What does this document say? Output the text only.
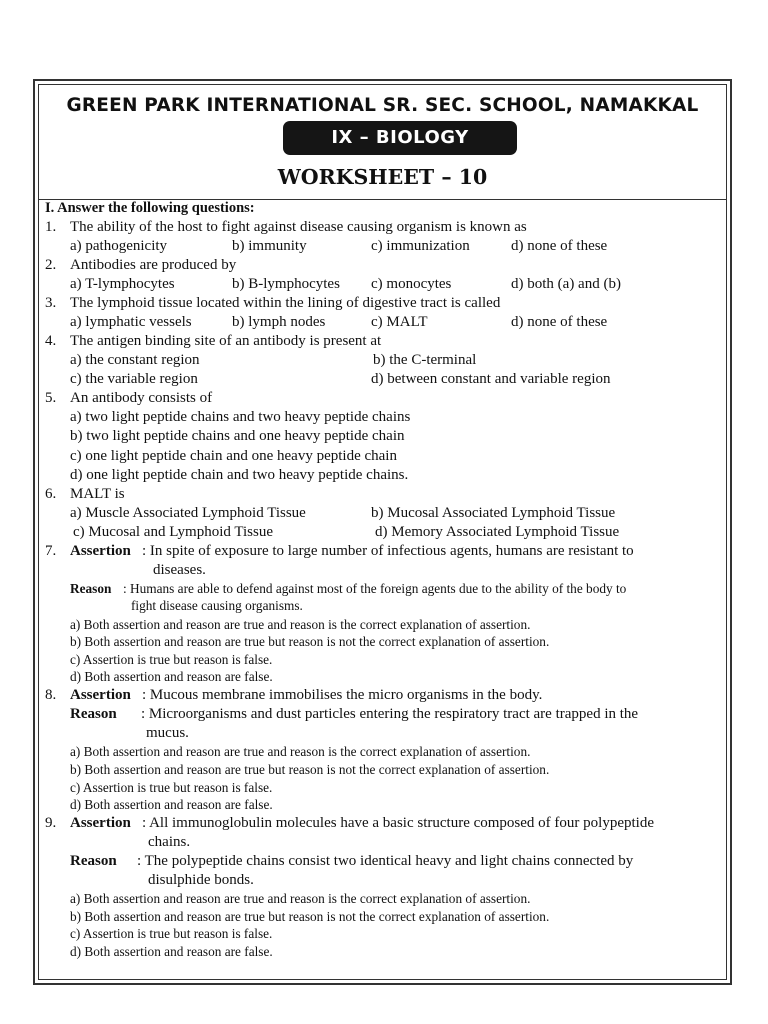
GREEN PARK INTERNATIONAL SR. SEC. SCHOOL, NAMAKKAL
IX – BIOLOGY
WORKSHEET – 10
I. Answer the following questions:
1. The ability of the host to fight against disease causing organism is known as
a) pathogenicity	b) immunity	c) immunization	d) none of these
2. Antibodies are produced by
a) T-lymphocytes	b) B-lymphocytes c) monocytes	d) both (a) and (b)
3. The lymphoid tissue located within the lining of digestive tract is called
a) lymphatic vessels	b) lymph nodes	c) MALT	d) none of these
4. The antigen binding site of an antibody is present at
a) the constant region	b) the C-terminal
c) the variable region	d) between constant and variable region
5. An antibody consists of
a) two light peptide chains and two heavy peptide chains
b) two light peptide chains and one heavy peptide chain
c) one light peptide chain and one heavy peptide chain
d) one light peptide chain and two heavy peptide chains.
6. MALT is
a) Muscle Associated Lymphoid Tissue	b) Mucosal Associated Lymphoid Tissue
c) Mucosal and Lymphoid Tissue	d) Memory Associated Lymphoid Tissue
7. Assertion : In spite of exposure to large number of infectious agents, humans are resistant to
diseases.
Reason : Humans are able to defend against most of the foreign agents due to the ability of the body to
fight disease causing organisms.
a) Both assertion and reason are true and reason is the correct explanation of assertion.
b) Both assertion and reason are true but reason is not the correct explanation of assertion.
c) Assertion is true but reason is false.
d) Both assertion and reason are false.
8. Assertion : Mucous membrane immobilises the micro organisms in the body.
Reason : Microorganisms and dust particles entering the respiratory tract are trapped in the
mucus.
a) Both assertion and reason are true and reason is the correct explanation of assertion.
b) Both assertion and reason are true but reason is not the correct explanation of assertion.
c) Assertion is true but reason is false.
d) Both assertion and reason are false.
9. Assertion : All immunoglobulin molecules have a basic structure composed of four polypeptide
chains.
Reason : The polypeptide chains consist two identical heavy and light chains connected by
disulphide bonds.
a) Both assertion and reason are true and reason is the correct explanation of assertion.
b) Both assertion and reason are true but reason is not the correct explanation of assertion.
c) Assertion is true but reason is false.
d) Both assertion and reason are false.
